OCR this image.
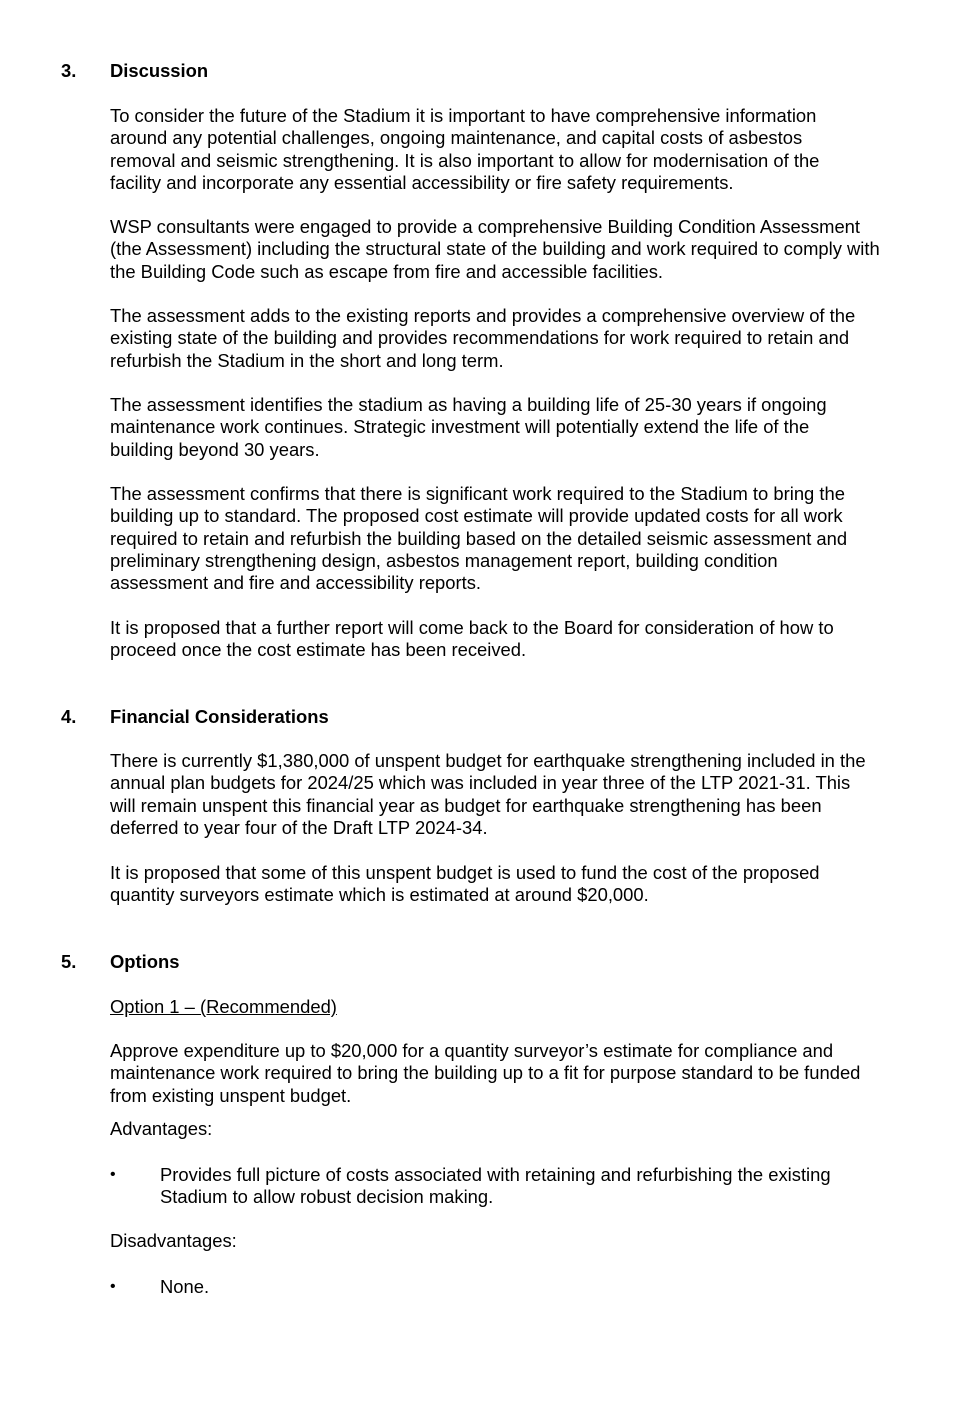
3. Discussion
To consider the future of the Stadium it is important to have comprehensive information
around any potential challenges, ongoing maintenance, and capital costs of asbestos
removal and seismic strengthening. It is also important to allow for modernisation of the
facility and incorporate any essential accessibility or fire safety requirements.
WSP consultants were engaged to provide a comprehensive Building Condition Assessment
(the Assessment) including the structural state of the building and work required to comply with
the Building Code such as escape from fire and accessible facilities.
The assessment adds to the existing reports and provides a comprehensive overview of the
existing state of the building and provides recommendations for work required to retain and
refurbish the Stadium in the short and long term.
The assessment identifies the stadium as having a building life of 25-30 years if ongoing
maintenance work continues. Strategic investment will potentially extend the life of the
building beyond 30 years.
The assessment confirms that there is significant work required to the Stadium to bring the
building up to standard. The proposed cost estimate will provide updated costs for all work
required to retain and refurbish the building based on the detailed seismic assessment and
preliminary strengthening design, asbestos management report, building condition
assessment and fire and accessibility reports.
It is proposed that a further report will come back to the Board for consideration of how to
proceed once the cost estimate has been received.
4. Financial Considerations
There is currently $1,380,000 of unspent budget for earthquake strengthening included in the
annual plan budgets for 2024/25 which was included in year three of the LTP 2021-31. This
will remain unspent this financial year as budget for earthquake strengthening has been
deferred to year four of the Draft LTP 2024-34.
It is proposed that some of this unspent budget is used to fund the cost of the proposed
quantity surveyors estimate which is estimated at around $20,000.
5. Options
Option 1 – (Recommended)
Approve expenditure up to $20,000 for a quantity surveyor’s estimate for compliance and
maintenance work required to bring the building up to a fit for purpose standard to be funded
from existing unspent budget.
Advantages:
• Provides full picture of costs associated with retaining and refurbishing the existing
Stadium to allow robust decision making.
Disadvantages:
• None.
